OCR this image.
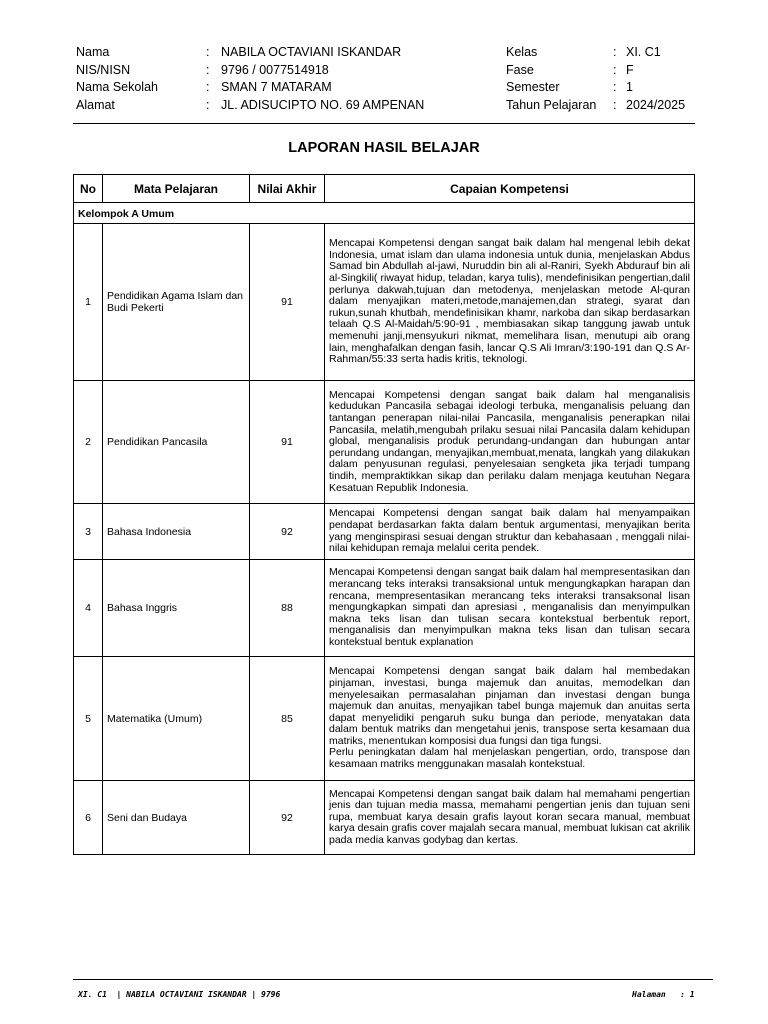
Nama	: NABILA OCTAVIANI ISKANDAR	Kelas	: XI. C1
NIS/NISN	: 9796 / 0077514918	Fase	: F
Nama Sekolah	: SMAN 7 MATARAM	Semester	: 1
Alamat	: JL. ADISUCIPTO NO. 69 AMPENAN	Tahun Pelajaran : 2024/2025
LAPORAN HASIL BELAJAR
No	Mata Pelajaran	Nilai Akhir	Capaian Kompetensi
Kelompok A Umum			
1	Pendidikan Agama Islam dan Budi Pekerti	91	Mencapai Kompetensi dengan sangat baik dalam hal mengenal lebih dekat Indonesia, umat islam dan ulama indonesia untuk dunia, menjelaskan Abdus Samad bin Abdullah al-jawi, Nuruddin bin ali al-Raniri, Syekh Abdurauf bin ali al-Singkili( riwayat hidup, teladan, karya tulis), mendefinisikan pengertian,dalil perlunya dakwah,tujuan dan metodenya, menjelaskan metode Al-quran dalam menyajikan materi,metode,manajemen,dan strategi, syarat dan rukun,sunah khutbah, mendefinisikan khamr, narkoba dan sikap berdasarkan telaah Q.S Al-Maidah/5:90-91 , membiasakan sikap tanggung jawab untuk memenuhi janji,mensyukuri nikmat, memelihara lisan, menutupi aib orang lain, menghafalkan dengan fasih, lancar Q.S Ali Imran/3:190-191 dan Q.S Ar-Rahman/55:33 serta hadis kritis, teknologi.

2	Pendidikan Pancasila	91	Mencapai Kompetensi dengan sangat baik dalam hal menganalisis kedudukan Pancasila sebagai ideologi terbuka, menganalisis peluang dan tantangan penerapan nilai-nilai Pancasila, menganalisis penerapkan nilai Pancasila, melatih,mengubah prilaku sesuai nilai Pancasila dalam kehidupan global, menganalisis produk perundang-undangan dan hubungan antar perundang undangan, menyajikan,membuat,menata, langkah yang dilakukan dalam penyusunan regulasi, penyelesaian sengketa jika terjadi tumpang tindih, mempraktikkan sikap dan perilaku dalam menjaga keutuhan Negara Kesatuan Republik Indonesia.

3	Bahasa Indonesia	92	Mencapai Kompetensi dengan sangat baik dalam hal menyampaikan pendapat berdasarkan fakta dalam bentuk argumentasi, menyajikan berita yang menginspirasi sesuai dengan struktur dan kebahasaan , menggali nilai-nilai kehidupan remaja melalui cerita pendek.

4	Bahasa Inggris	88	Mencapai Kompetensi dengan sangat baik dalam hal mempresentasikan dan merancang teks interaksi transaksional untuk mengungkapkan harapan dan rencana, mempresentasikan merancang teks interaksi transaksonal lisan mengungkapkan simpati dan apresiasi , menganalisis dan menyimpulkan makna teks lisan dan tulisan secara kontekstual berbentuk report, menganalisis dan menyimpulkan makna teks lisan dan tulisan secara kontekstual bentuk explanation

5	Matematika (Umum)	85	Mencapai Kompetensi dengan sangat baik dalam hal membedakan pinjaman, investasi, bunga majemuk dan anuitas, memodelkan dan menyelesaikan permasalahan pinjaman dan investasi dengan bunga majemuk dan anuitas, menyajikan tabel bunga majemuk dan anuitas serta dapat menyelidiki pengaruh suku bunga dan periode, menyatakan data dalam bentuk matriks dan mengetahui jenis, transpose serta kesamaan dua matriks, menentukan komposisi dua fungsi dan tiga fungsi.

Perlu peningkatan dalam hal menjelaskan pengertian, ordo, transpose dan kesamaan matriks menggunakan masalah kontekstual.

6	Seni dan Budaya	92	Mencapai Kompetensi dengan sangat baik dalam hal memahami pengertian jenis dan tujuan media massa, memahami pengertian jenis dan tujuan seni rupa, membuat karya desain grafis layout koran secara manual, membuat karya desain grafis cover majalah secara manual, membuat lukisan cat akrilik pada media kanvas godybag dan kertas.

XI. C1  | NABILA OCTAVIANI ISKANDAR | 9796	Halaman   : 1
